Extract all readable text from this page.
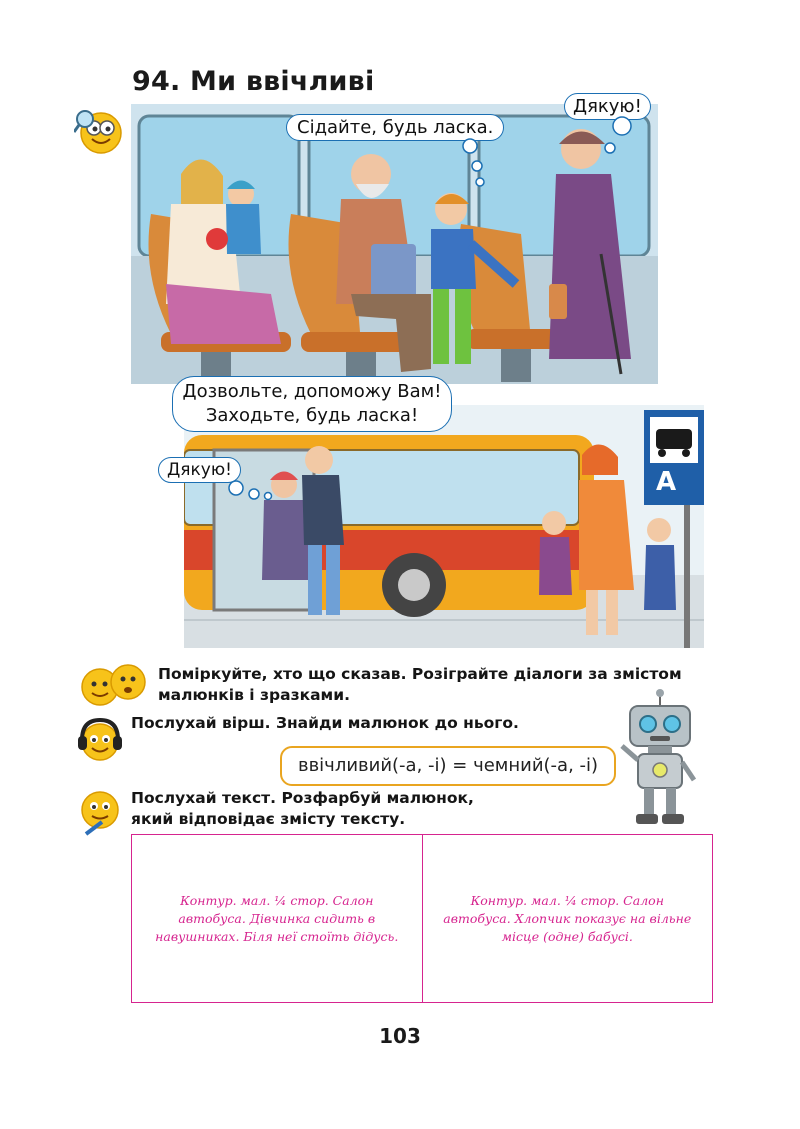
94. Ми ввічливі
Сідайте, будь ласка.
Дякую!
A
Дозвольте, допоможу Вам!
Заходьте, будь ласка!
Дякую!
Поміркуйте, хто що сказав. Розіграйте діалоги за змістом малюнків і зразками.
Послухай вірш. Знайди малюнок до нього.
ввічливий(-а, -і) = чемний(-а, -і)
Послухай текст. Розфарбуй малюнок,
який відповідає змісту тексту.
Контур. мал. ¼ стор. Салон автобуса. Дівчинка сидить в навушниках. Біля неї стоїть дідусь.
Контур. мал. ¼ стор. Салон автобуса. Хлопчик показує на вільне місце (одне) бабусі.
103
